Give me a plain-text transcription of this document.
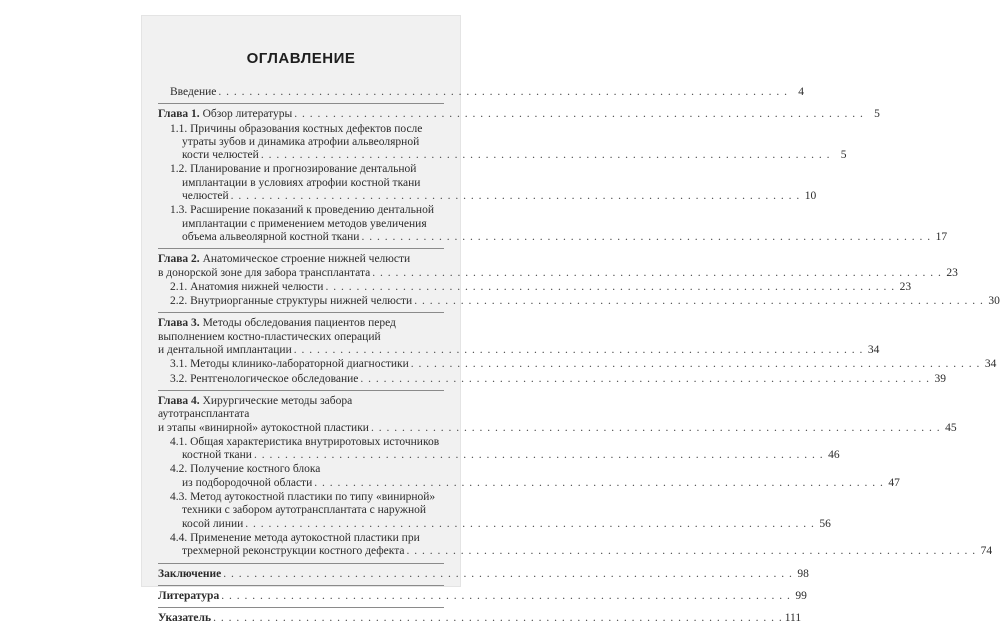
ОГЛАВЛЕНИЕ
Введение . . .	4
Глава 1. Обзор литературы . . .	5
1.1. Причины образования костных дефектов после
утраты зубов и динамика атрофии альвеолярной
кости челюстей . . .	5
1.2. Планирование и прогнозирование дентальной
имплантации в условиях атрофии костной ткани
челюстей . . .	10
1.3. Расширение показаний к проведению дентальной
имплантации с применением методов увеличения
объема альвеолярной костной ткани . . .	17
Глава 2. Анатомическое строение нижней челюсти
в донорской зоне для забора трансплантата . . .	23
2.1. Анатомия нижней челюсти . . .	23
2.2. Внутриорганные структуры нижней челюсти . . .	30
Глава 3. Методы обследования пациентов перед
выполнением костно-пластических операций
и дентальной имплантации . . .	34
3.1. Методы клинико-лабораторной диагностики . . .	34
3.2. Рентгенологическое обследование . . .	39
Глава 4. Хирургические методы забора аутотрансплантата
и этапы «винирной» аутокостной пластики . . .	45
4.1. Общая характеристика внутриротовых источников
костной ткани . . .	46
4.2. Получение костного блока
из подбородочной области . . .	47
4.3. Метод аутокостной пластики по типу «винирной»
техники с забором аутотрансплантата с наружной
косой линии . . .	56
4.4. Применение метода аутокостной пластики при
трехмерной реконструкции костного дефекта . . .	74
Заключение . . .	98
Литература . . .	99
Указатель . . .	111
